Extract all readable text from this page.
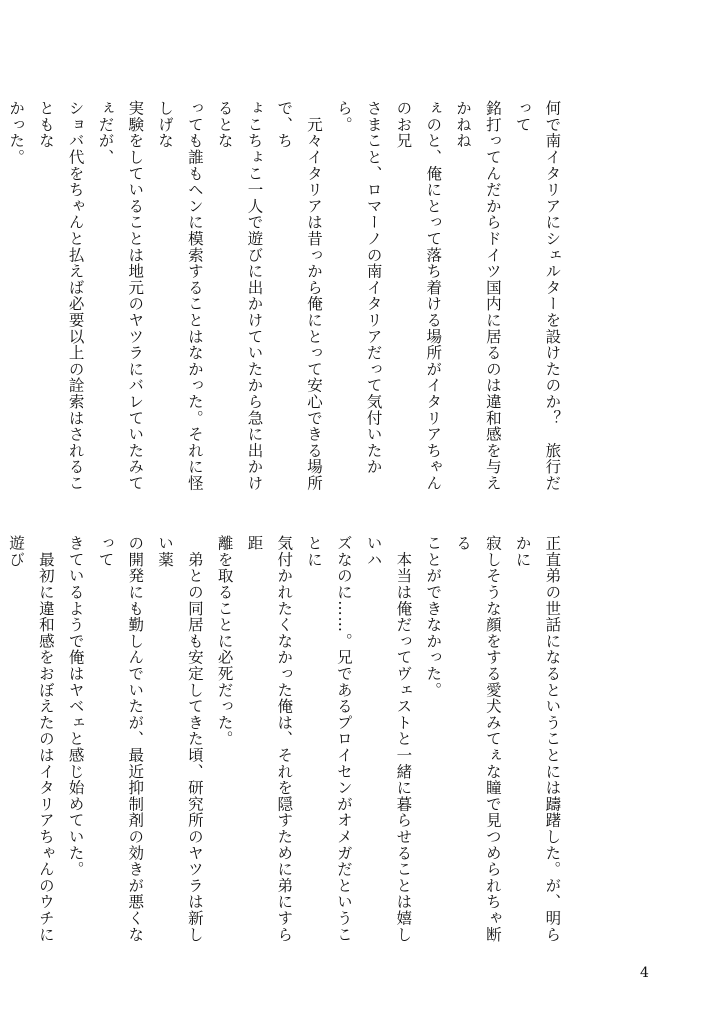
何で南イタリアにシェルターを設けたのか？　旅行だって
銘打ってんだからドイツ国内に居るのは違和感を与えかねね
ぇのと、俺にとって落ち着ける場所がイタリアちゃんのお兄
さまこと、ロマーノの南イタリアだって気付いたから。
　元々イタリアは昔っから俺にとって安心できる場所で、ち
ょこちょこ一人で遊びに出かけていたから急に出かけるとな
っても誰もヘンに模索することはなかった。それに怪しげな
実験をしていることは地元のヤツラにバレていたみてぇだが、
ショバ代をちゃんと払えば必要以上の詮索はされることもな
かった。

正直弟の世話になるということには躊躇した。が、明らかに
寂しそうな顔をする愛犬みてぇな瞳で見つめられちゃ断る
ことができなかった。
　本当は俺だってヴェストと一緒に暮らせることは嬉しいハ
ズなのに……。兄であるプロイセンがオメガだということに
気付かれたくなかった俺は、それを隠すために弟にすら距
離を取ることに必死だった。
　弟との同居も安定してきた頃、研究所のヤツラは新しい薬
の開発にも勤しんでいたが、最近抑制剤の効きが悪くなって
きているようで俺はヤベェと感じ始めていた。
　最初に違和感をおぼえたのはイタリアちゃんのウチに遊び

4
